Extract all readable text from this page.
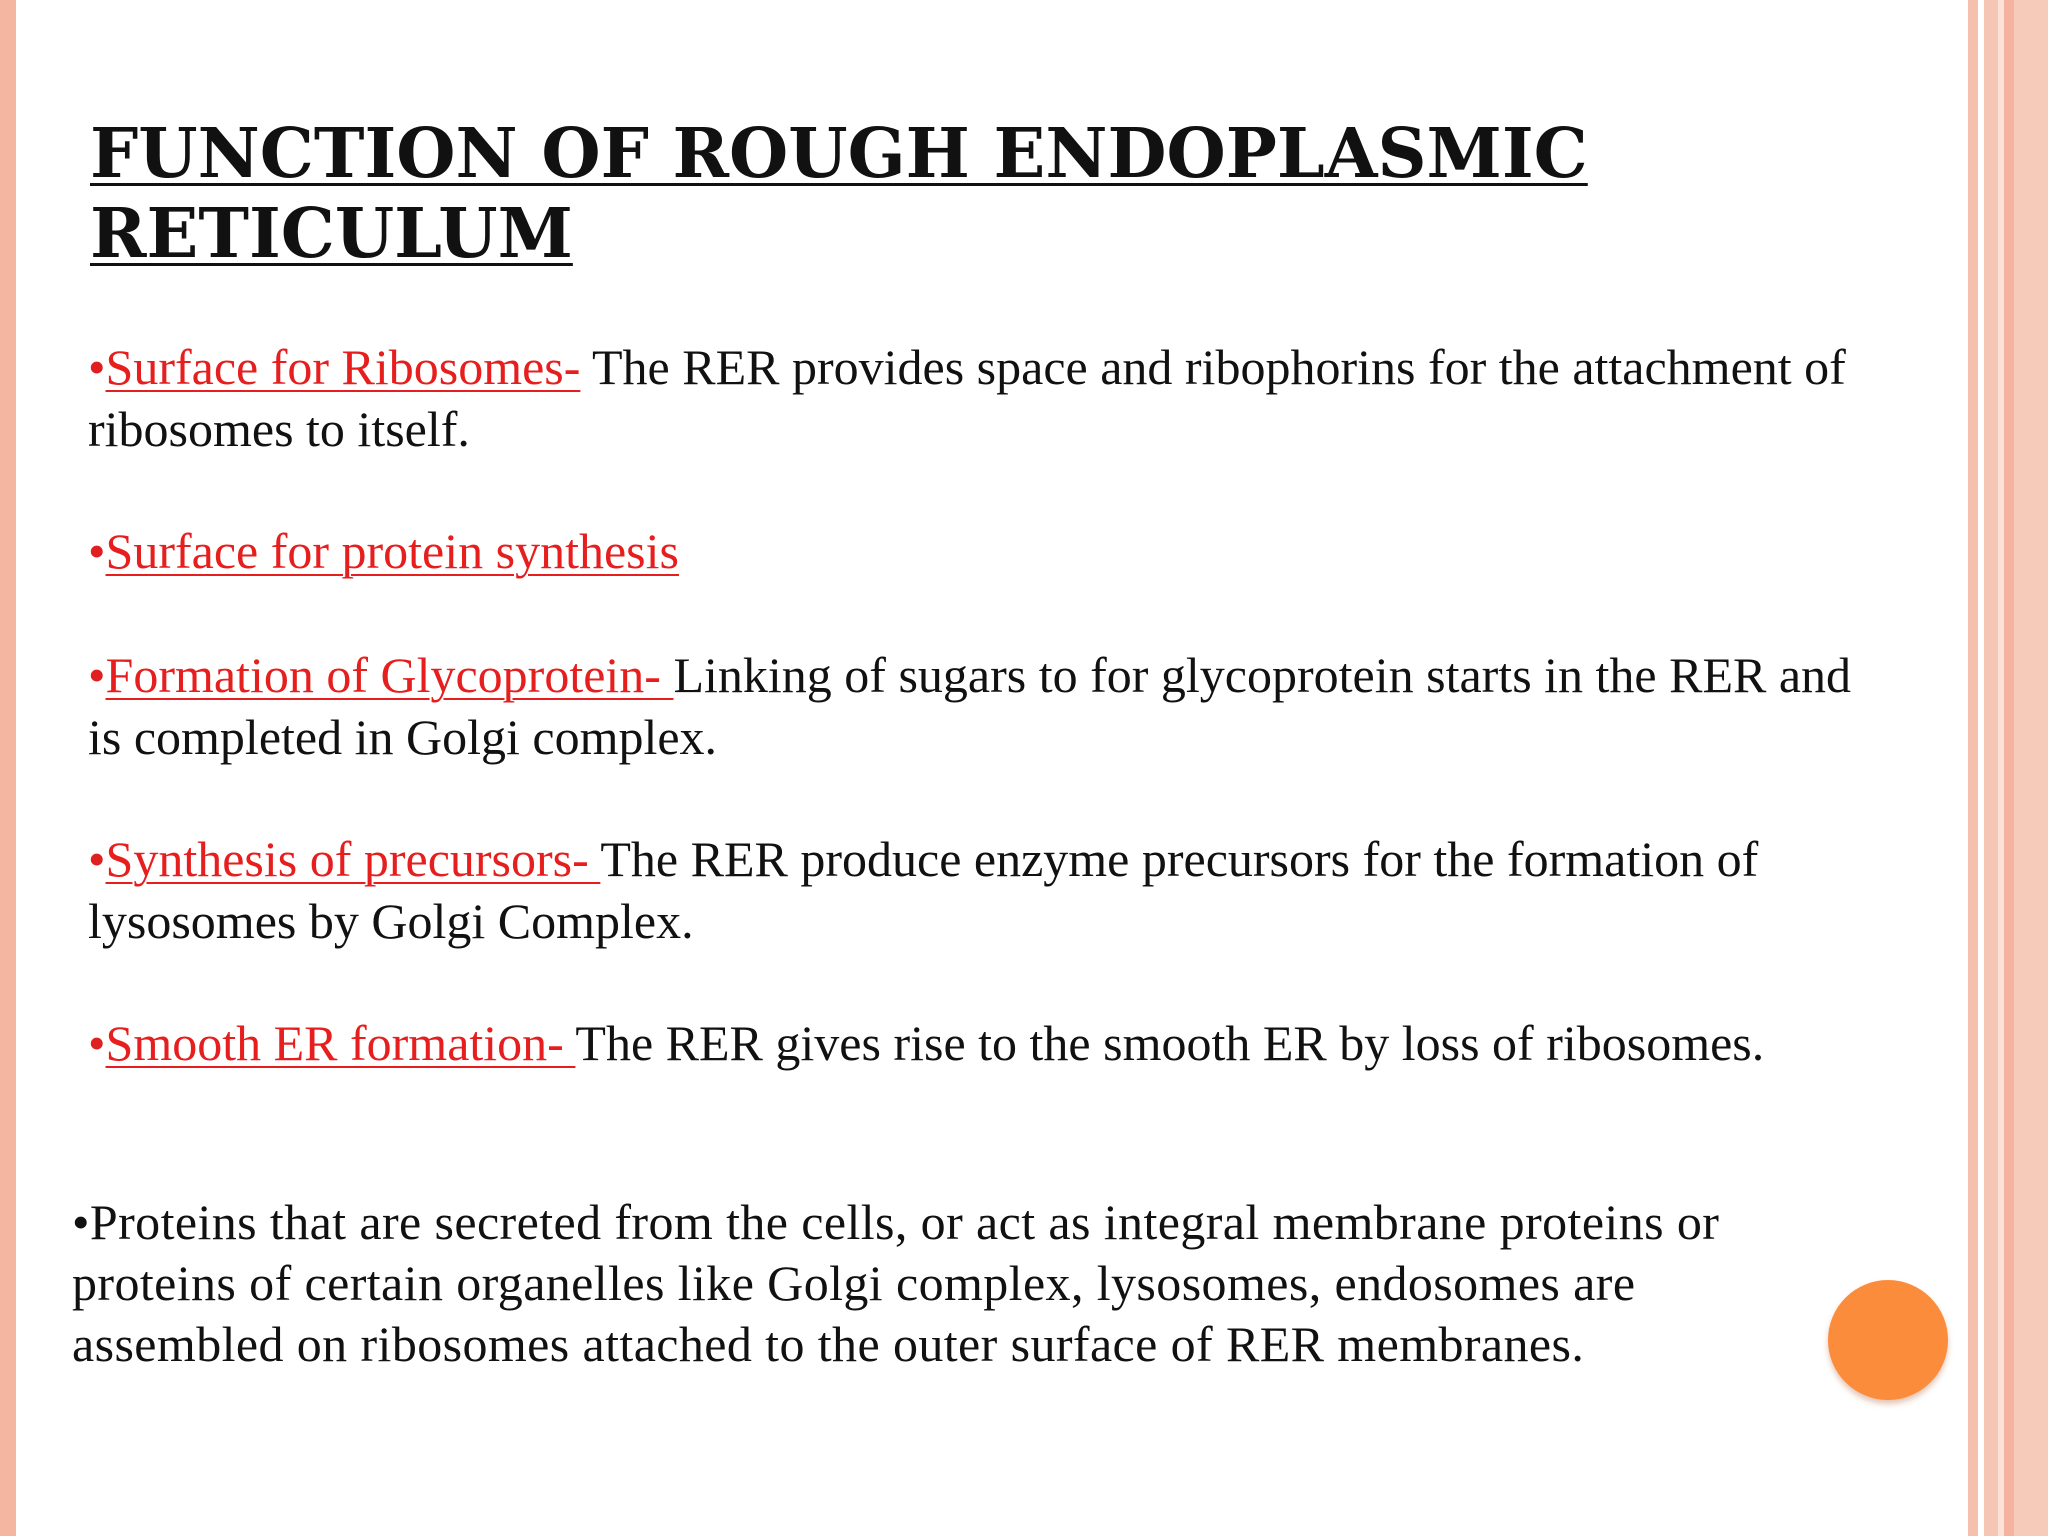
FUNCTION OF ROUGH ENDOPLASMIC
RETICULUM

•Surface for Ribosomes- The RER provides space and ribophorins for the attachment of ribosomes to itself.

•Surface for protein synthesis

•Formation of Glycoprotein- Linking of sugars to for glycoprotein starts in the RER and is completed in Golgi complex.

•Synthesis of precursors- The RER produce enzyme precursors for the formation of lysosomes by Golgi Complex.

•Smooth ER formation- The RER gives rise to the smooth ER by loss of ribosomes.

•Proteins that are secreted from the cells, or act as integral membrane proteins or proteins of certain organelles like Golgi complex, lysosomes, endosomes are assembled on ribosomes attached to the outer surface of RER membranes.
